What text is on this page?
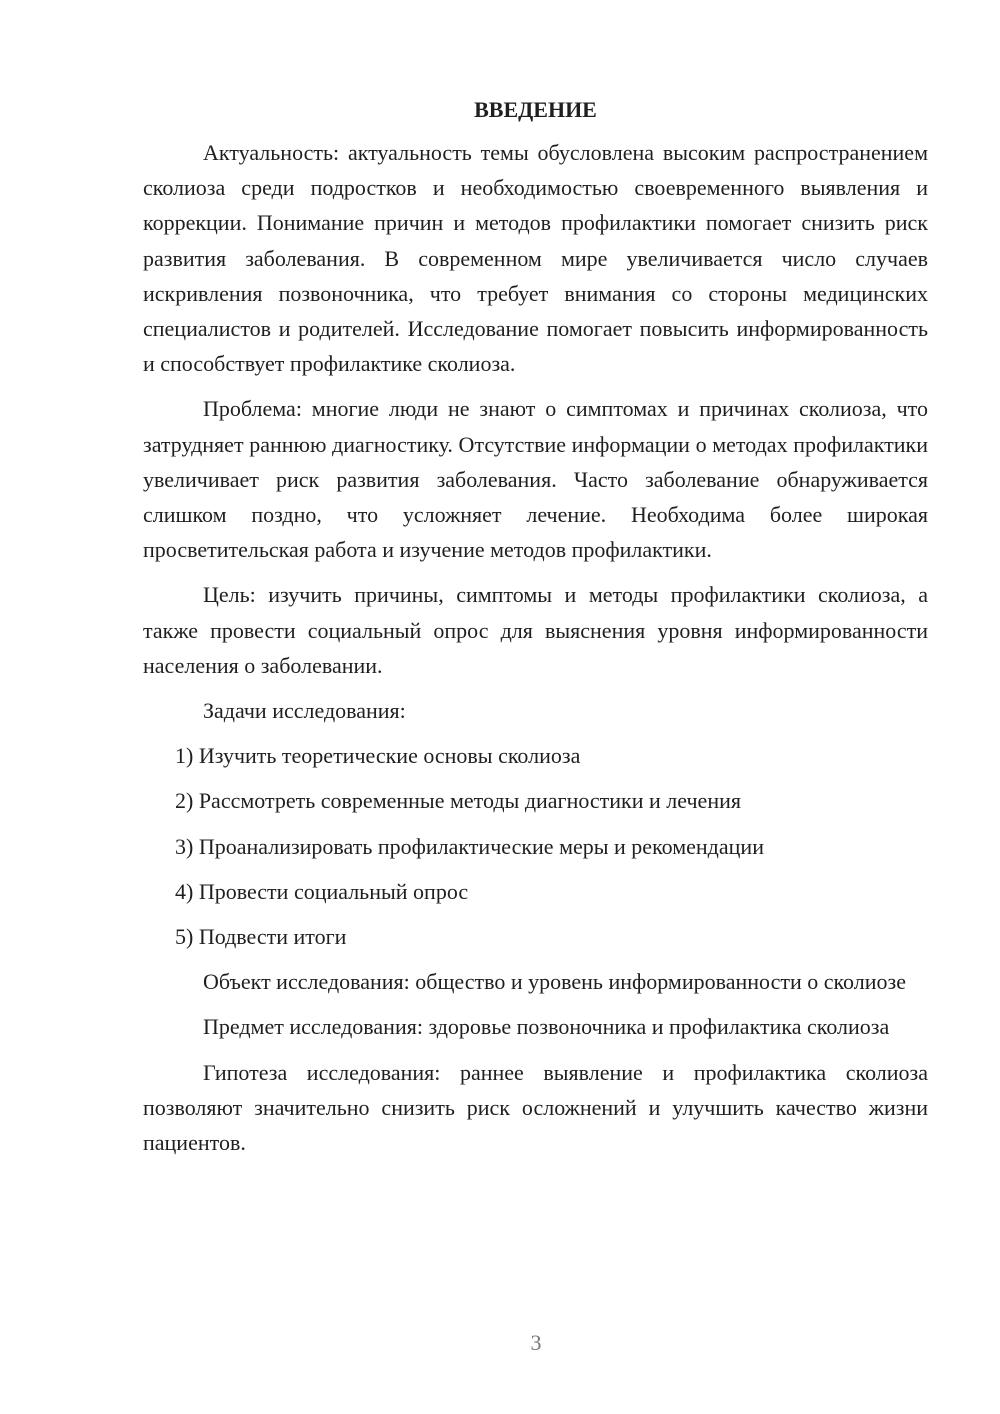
ВВЕДЕНИЕ

Актуальность: актуальность темы обусловлена высоким распространением сколиоза среди подростков и необходимостью своевременного выявления и коррекции. Понимание причин и методов профилактики помогает снизить риск развития заболевания. В современном мире увеличивается число случаев искривления позвоночника, что требует внимания со стороны медицинских специалистов и родителей. Исследование помогает повысить информированность и способствует профилактике сколиоза.

Проблема: многие люди не знают о симптомах и причинах сколиоза, что затрудняет раннюю диагностику. Отсутствие информации о методах профилактики увеличивает риск развития заболевания. Часто заболевание обнаруживается слишком поздно, что усложняет лечение. Необходима более широкая просветительская работа и изучение методов профилактики.

Цель: изучить причины, симптомы и методы профилактики сколиоза, а также провести социальный опрос для выяснения уровня информированности населения о заболевании.

Задачи исследования:

1) Изучить теоретические основы сколиоза
2) Рассмотреть современные методы диагностики и лечения
3) Проанализировать профилактические меры и рекомендации
4) Провести социальный опрос
5) Подвести итоги

Объект исследования: общество и уровень информированности о сколиозе

Предмет исследования: здоровье позвоночника и профилактика сколиоза

Гипотеза исследования: раннее выявление и профилактика сколиоза позволяют значительно снизить риск осложнений и улучшить качество жизни пациентов.

3
